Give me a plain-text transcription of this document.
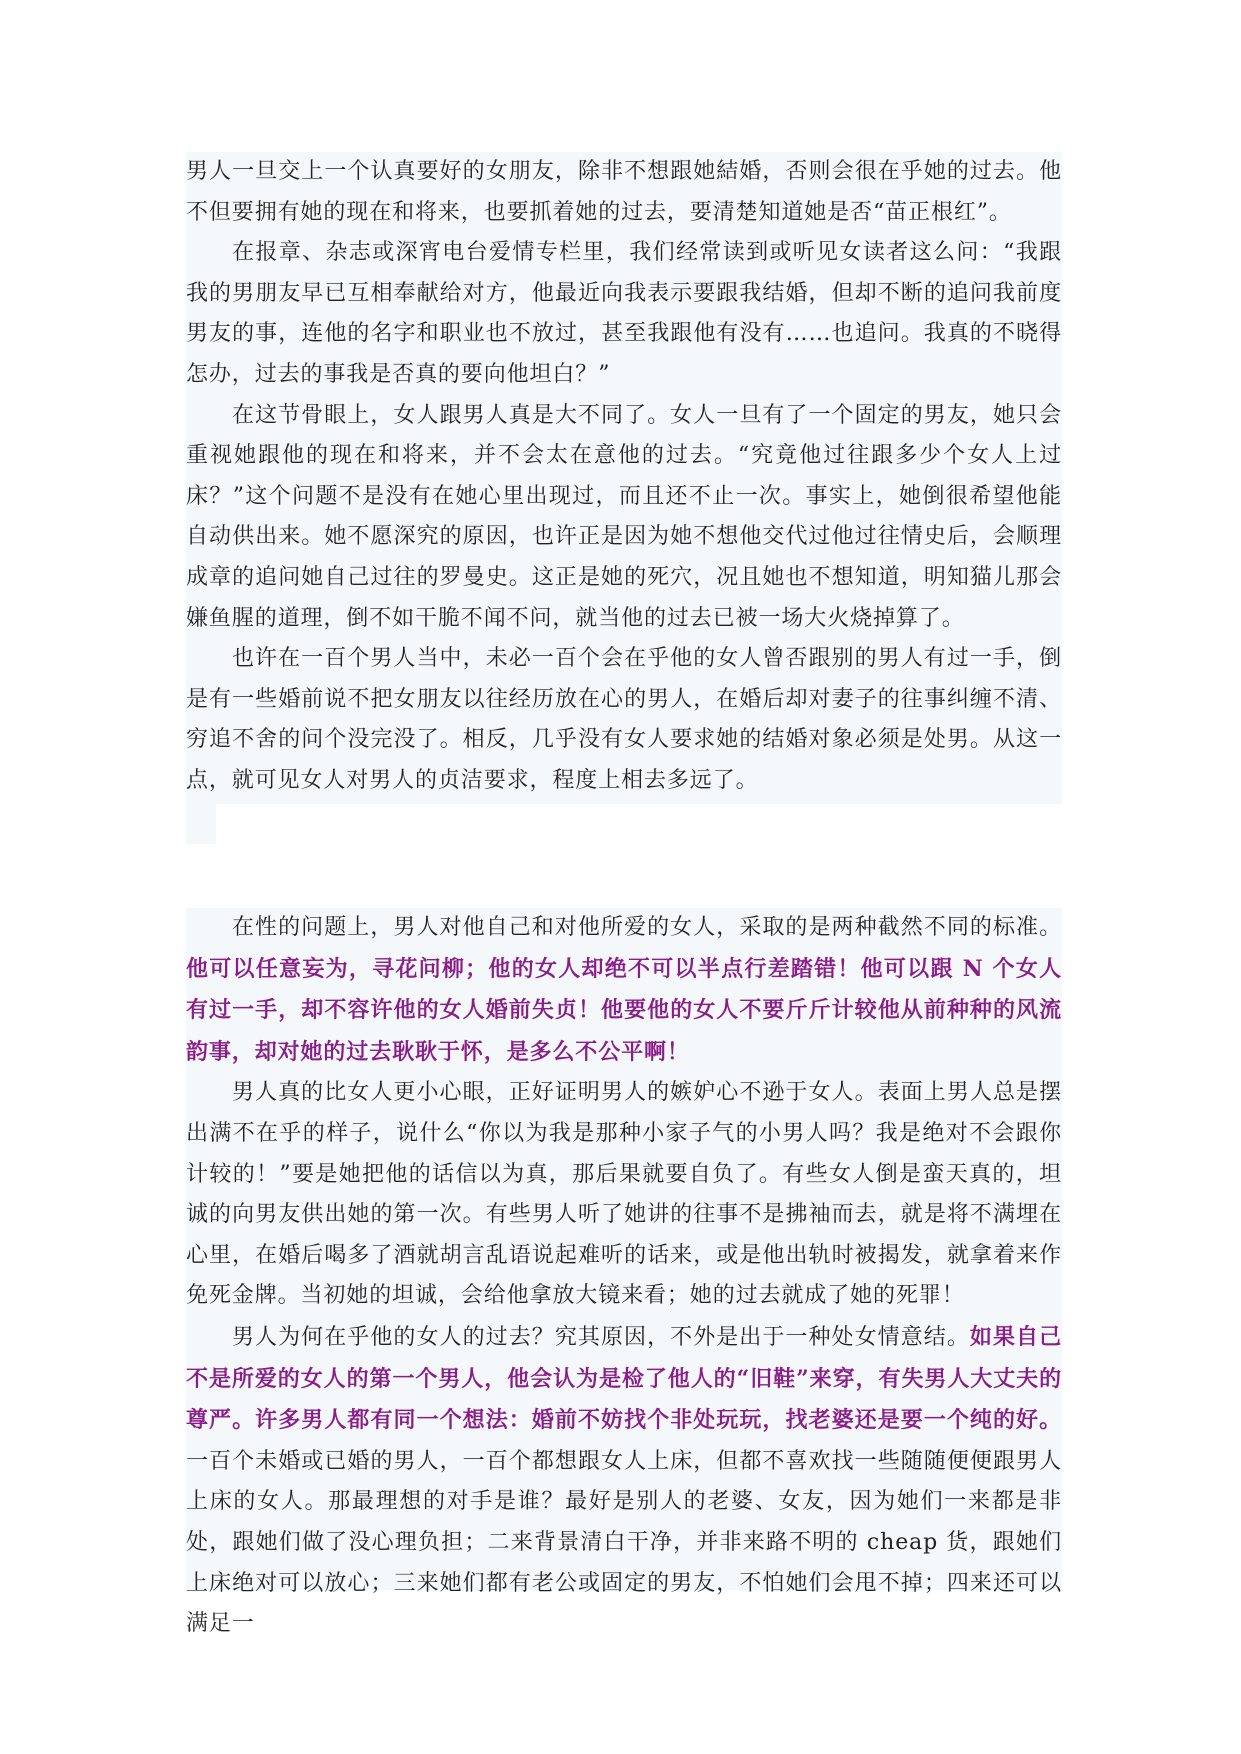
男人一旦交上一个认真要好的女朋友，除非不想跟她結婚，否则会很在乎她的过去。他不但要拥有她的现在和将来，也要抓着她的过去，要清楚知道她是否“苗正根红”。

在报章、杂志或深宵电台爱情专栏里，我们经常读到或听见女读者这么问：“我跟我的男朋友早已互相奉献给对方，他最近向我表示要跟我结婚，但却不断的追问我前度男友的事，连他的名字和职业也不放过，甚至我跟他有没有……也追问。我真的不晓得怎办，过去的事我是否真的要向他坦白？”

在这节骨眼上，女人跟男人真是大不同了。女人一旦有了一个固定的男友，她只会重视她跟他的现在和将来，并不会太在意他的过去。“究竟他过往跟多少个女人上过床？”这个问题不是没有在她心里出现过，而且还不止一次。事实上，她倒很希望他能自动供出来。她不愿深究的原因，也许正是因为她不想他交代过他过往情史后，会顺理成章的追问她自己过往的罗曼史。这正是她的死穴，况且她也不想知道，明知猫儿那会嫌鱼腥的道理，倒不如干脆不闻不问，就当他的过去已被一场大火烧掉算了。

也许在一百个男人当中，未必一百个会在乎他的女人曾否跟别的男人有过一手，倒是有一些婚前说不把女朋友以往经历放在心的男人，在婚后却对妻子的往事纠缠不清、穷追不舍的问个没完没了。相反，几乎没有女人要求她的结婚对象必须是处男。从这一点，就可见女人对男人的贞洁要求，程度上相去多远了。

在性的问题上，男人对他自己和对他所爱的女人，采取的是两种截然不同的标准。他可以任意妄为，寻花问柳；他的女人却绝不可以半点行差踏错！他可以跟 N 个女人有过一手，却不容许他的女人婚前失贞！他要他的女人不要斤斤计较他从前种种的风流韵事，却对她的过去耿耿于怀，是多么不公平啊！

男人真的比女人更小心眼，正好证明男人的嫉妒心不逊于女人。表面上男人总是摆出满不在乎的样子，说什么“你以为我是那种小家子气的小男人吗？我是绝对不会跟你计较的！”要是她把他的话信以为真，那后果就要自负了。有些女人倒是蛮天真的，坦诚的向男友供出她的第一次。有些男人听了她讲的往事不是拂袖而去，就是将不满埋在心里，在婚后喝多了酒就胡言乱语说起难听的话来，或是他出轨时被揭发，就拿着来作免死金牌。当初她的坦诚，会给他拿放大镜来看；她的过去就成了她的死罪！

男人为何在乎他的女人的过去？究其原因，不外是出于一种处女情意结。如果自己不是所爱的女人的第一个男人，他会认为是检了他人的“旧鞋”来穿，有失男人大丈夫的尊严。许多男人都有同一个想法：婚前不妨找个非处玩玩，找老婆还是要一个纯的好。一百个未婚或已婚的男人，一百个都想跟女人上床，但都不喜欢找一些随随便便跟男人上床的女人。那最理想的对手是谁？最好是别人的老婆、女友，因为她们一来都是非处，跟她们做了没心理负担；二来背景清白干净，并非来路不明的 cheap 货，跟她们上床绝对可以放心；三来她们都有老公或固定的男友，不怕她们会甩不掉；四来还可以满足一
